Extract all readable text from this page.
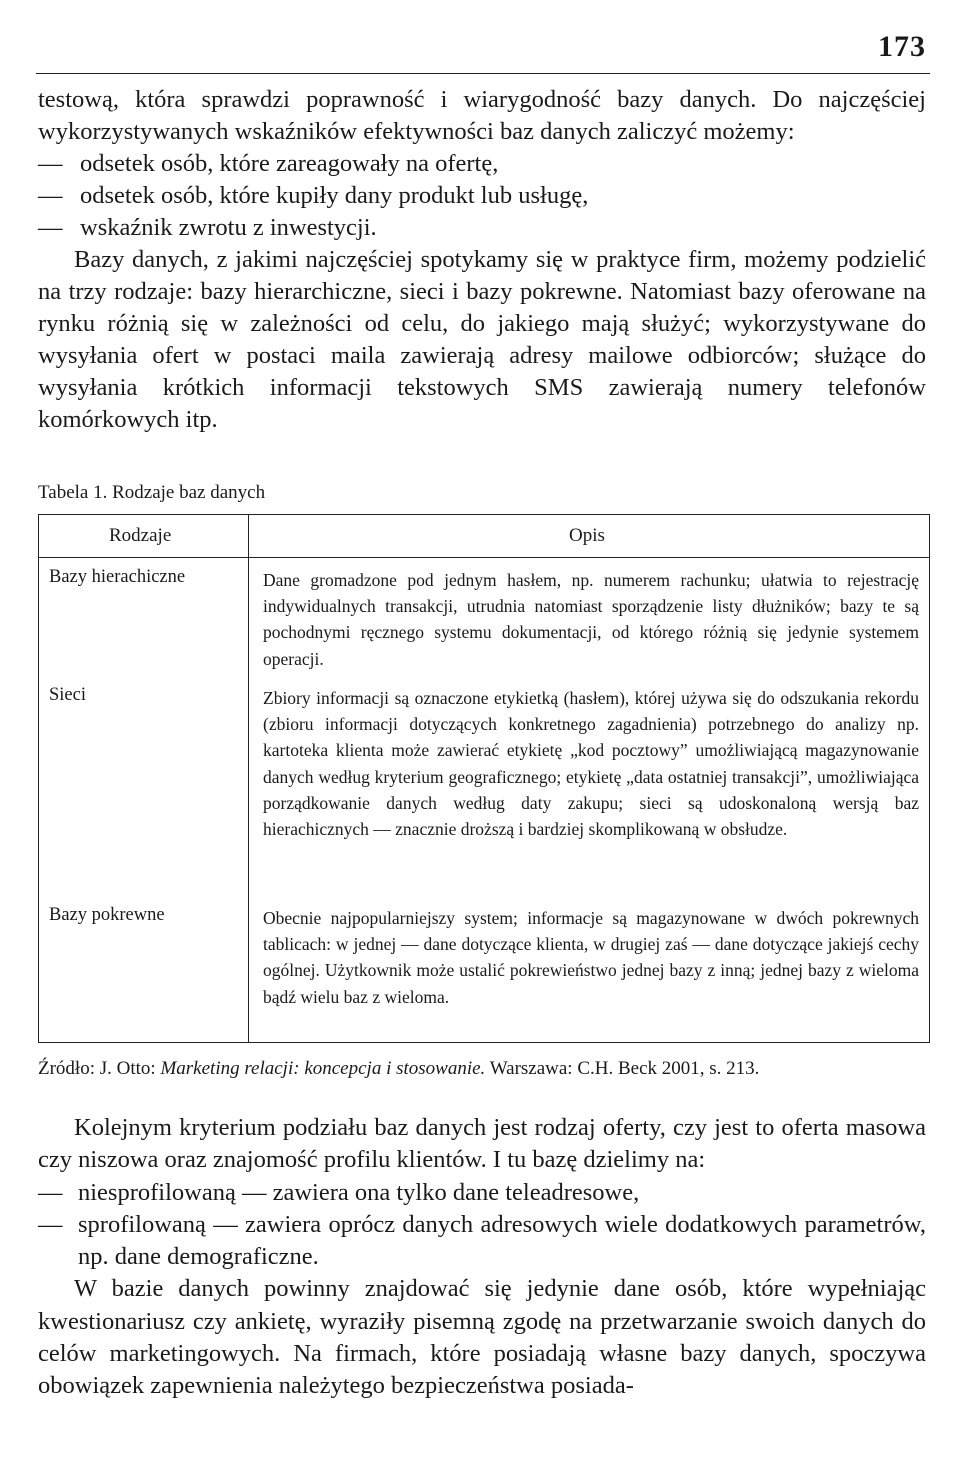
173
testową, która sprawdzi poprawność i wiarygodność bazy danych. Do najczęściej wykorzystywanych wskaźników efektywności baz danych zaliczyć możemy:
— odsetek osób, które zareagowały na ofertę,
— odsetek osób, które kupiły dany produkt lub usługę,
— wskaźnik zwrotu z inwestycji.
Bazy danych, z jakimi najczęściej spotykamy się w praktyce firm, możemy podzielić na trzy rodzaje: bazy hierarchiczne, sieci i bazy pokrewne. Natomiast bazy oferowane na rynku różnią się w zależności od celu, do jakiego mają służyć; wykorzystywane do wysyłania ofert w postaci maila zawierają adresy mailowe odbiorców; służące do wysyłania krótkich informacji tekstowych SMS zawierają numery telefonów komórkowych itp.
Tabela 1. Rodzaje baz danych
Rodzaje	Opis
Bazy hierachiczne	Dane gromadzone pod jednym hasłem, np. numerem rachunku; ułatwia to rejestrację indywidualnych transakcji, utrudnia natomiast sporządzenie listy dłużników; bazy te są pochodnymi ręcznego systemu dokumentacji, od którego różnią się jedynie systemem operacji.
Sieci	Zbiory informacji są oznaczone etykietką (hasłem), której używa się do odszukania rekordu (zbioru informacji dotyczących konkretnego zagadnienia) potrzebnego do analizy np. kartoteka klienta może zawierać etykietę „kod pocztowy” umożliwiającą magazynowanie danych według kryterium geograficznego; etykietę „data ostatniej transakcji”, umożliwiająca porządkowanie danych według daty zakupu; sieci są udoskonaloną wersją baz hierachicznych — znacznie droższą i bardziej skomplikowaną w obsłudze.
Bazy pokrewne	Obecnie najpopularniejszy system; informacje są magazynowane w dwóch pokrewnych tablicach: w jednej — dane dotyczące klienta, w drugiej zaś — dane dotyczące jakiejś cechy ogólnej. Użytkownik może ustalić pokrewieństwo jednej bazy z inną; jednej bazy z wieloma bądź wielu baz z wieloma.
Źródło: J. Otto: Marketing relacji: koncepcja i stosowanie. Warszawa: C.H. Beck 2001, s. 213.
Kolejnym kryterium podziału baz danych jest rodzaj oferty, czy jest to oferta masowa czy niszowa oraz znajomość profilu klientów. I tu bazę dzielimy na:
— niesprofilowaną — zawiera ona tylko dane teleadresowe,
— sprofilowaną — zawiera oprócz danych adresowych wiele dodatkowych parametrów, np. dane demograficzne.
W bazie danych powinny znajdować się jedynie dane osób, które wypełniając kwestionariusz czy ankietę, wyraziły pisemną zgodę na przetwarzanie swoich danych do celów marketingowych. Na firmach, które posiadają własne bazy danych, spoczywa obowiązek zapewnienia należytego bezpieczeństwa posiada-
